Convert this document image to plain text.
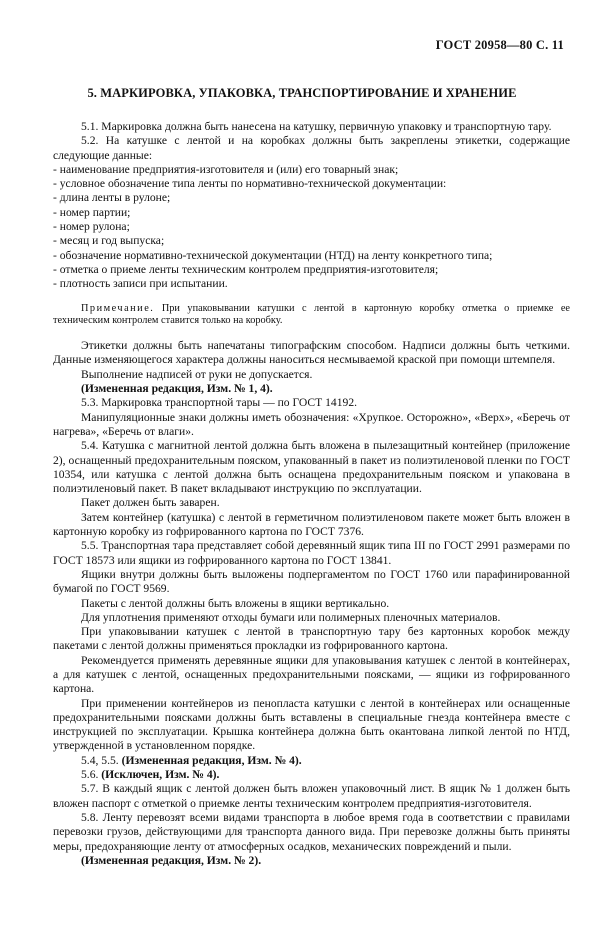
ГОСТ 20958—80 С. 11
5. МАРКИРОВКА, УПАКОВКА, ТРАНСПОРТИРОВАНИЕ И ХРАНЕНИЕ

5.1. Маркировка должна быть нанесена на катушку, первичную упаковку и транспортную тару.

5.2. На катушке с лентой и на коробках должны быть закреплены этикетки, содержащие следующие данные:

- наименование предприятия-изготовителя и (или) его товарный знак;

- условное обозначение типа ленты по нормативно-технической документации:

- длина ленты в рулоне;

- номер партии;

- номер рулона;

- месяц и год выпуска;

- обозначение нормативно-технической документации (НТД) на ленту конкретного типа;

- отметка о приеме ленты техническим контролем предприятия-изготовителя;

- плотность записи при испытании.

Примечание. При упаковывании катушки с лентой в картонную коробку отметка о приемке ее техническим контролем ставится только на коробку.

Этикетки должны быть напечатаны типографским способом. Надписи должны быть четкими. Данные изменяющегося характера должны наноситься несмываемой краской при помощи штемпеля.

Выполнение надписей от руки не допускается.

(Измененная редакция, Изм. № 1, 4).

5.3. Маркировка транспортной тары — по ГОСТ 14192.

Манипуляционные знаки должны иметь обозначения: «Хрупкое. Осторожно», «Верх», «Беречь от нагрева», «Беречь от влаги».

5.4. Катушка с магнитной лентой должна быть вложена в пылезащитный контейнер (приложение 2), оснащенный предохранительным пояском, упакованный в пакет из полиэтиленовой пленки по ГОСТ 10354, или катушка с лентой должна быть оснащена предохранительным пояском и упакована в полиэтиленовый пакет. В пакет вкладывают инструкцию по эксплуатации.

Пакет должен быть заварен.

Затем контейнер (катушка) с лентой в герметичном полиэтиленовом пакете может быть вложен в картонную коробку из гофрированного картона по ГОСТ 7376.

5.5. Транспортная тара представляет собой деревянный ящик типа III по ГОСТ 2991 размерами по ГОСТ 18573 или ящики из гофрированного картона по ГОСТ 13841.

Ящики внутри должны быть выложены подпергаментом по ГОСТ 1760 или парафинированной бумагой по ГОСТ 9569.

Пакеты с лентой должны быть вложены в ящики вертикально.

Для уплотнения применяют отходы бумаги или полимерных пленочных материалов.

При упаковывании катушек с лентой в транспортную тару без картонных коробок между пакетами с лентой должны применяться прокладки из гофрированного картона.

Рекомендуется применять деревянные ящики для упаковывания катушек с лентой в контейнерах, а для катушек с лентой, оснащенных предохранительными поясками, — ящики из гофрированного картона.

При применении контейнеров из пенопласта катушки с лентой в контейнерах или оснащенные предохранительными поясками должны быть вставлены в специальные гнезда контейнера вместе с инструкцией по эксплуатации. Крышка контейнера должна быть окантована липкой лентой по НТД, утвержденной в установленном порядке.

5.4, 5.5. (Измененная редакция, Изм. № 4).

5.6. (Исключен, Изм. № 4).

5.7. В каждый ящик с лентой должен быть вложен упаковочный лист. В ящик № 1 должен быть вложен паспорт с отметкой о приемке ленты техническим контролем предприятия-изготовителя.

5.8. Ленту перевозят всеми видами транспорта в любое время года в соответствии с правилами перевозки грузов, действующими для транспорта данного вида. При перевозке должны быть приняты меры, предохраняющие ленту от атмосферных осадков, механических повреждений и пыли.

(Измененная редакция, Изм. № 2).
